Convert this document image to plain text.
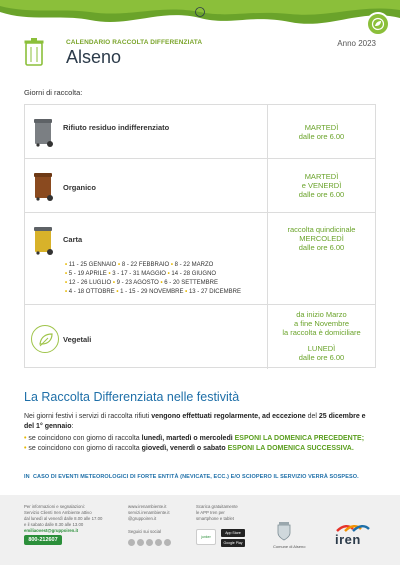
CALENDARIO RACCOLTA DIFFERENZIATA
Alseno
Anno 2023
Giorni di raccolta:
Rifiuto residuo indifferenziato	MARTEDÌ
dalle ore 6.00
Organico
MARTEDÌ
e VENERDÌ
dalle ore 6.00
Carta
• 11 - 25 GENNAIO • 8 - 22 FEBBRAIO • 8 - 22 MARZO
• 5 - 19 APRILE • 3 - 17 - 31 MAGGIO • 14 - 28 GIUGNO
• 12 - 26 LUGLIO • 9 - 23 AGOSTO • 6 - 20 SETTEMBRE
• 4 - 18 OTTOBRE • 1 - 15 - 29 NOVEMBRE • 13 - 27 DICEMBRE
raccolta quindicinale
MERCOLEDÌ
dalle ore 6.00
Vegetali
da inizio Marzo
a fine Novembre
la raccolta è domiciliare
LUNEDÌ
dalle ore 6.00
La Raccolta Differenziata nelle festività
Nei giorni festivi i servizi di raccolta rifiuti vengono effettuati regolarmente, ad eccezione del 25 dicembre e del 1° gennaio:
• se coincidono con giorno di raccolta lunedì, martedì o mercoledì ESPONI LA DOMENICA PRECEDENTE;
• se coincidono con giorno di raccolta giovedì, venerdì o sabato ESPONI LA DOMENICA SUCCESSIVA.
IN CASO DI EVENTI METEOROLOGICI DI FORTE ENTITÀ (NEVICATE, ECC.) E/O SCIOPERO IL SERVIZIO VERRÀ SOSPESO.
Per informazioni e segnalazioni:
Servizio Clienti Iren Ambiente attivo
dal lunedì al venerdì dalle 8.00 alle 17.00
e il sabato dalle 8.30 alle 13.00
emiliaovest@gruppoiren.it
800-212607
www.irenambiente.it
servizi.irenambiente.it
@gruppoiren.it
Seguici sui social
Scarica gratuitamente
le APP Iren per
smartphone e tablet
junker
App Store
Google Play
Comune di Alseno iren
